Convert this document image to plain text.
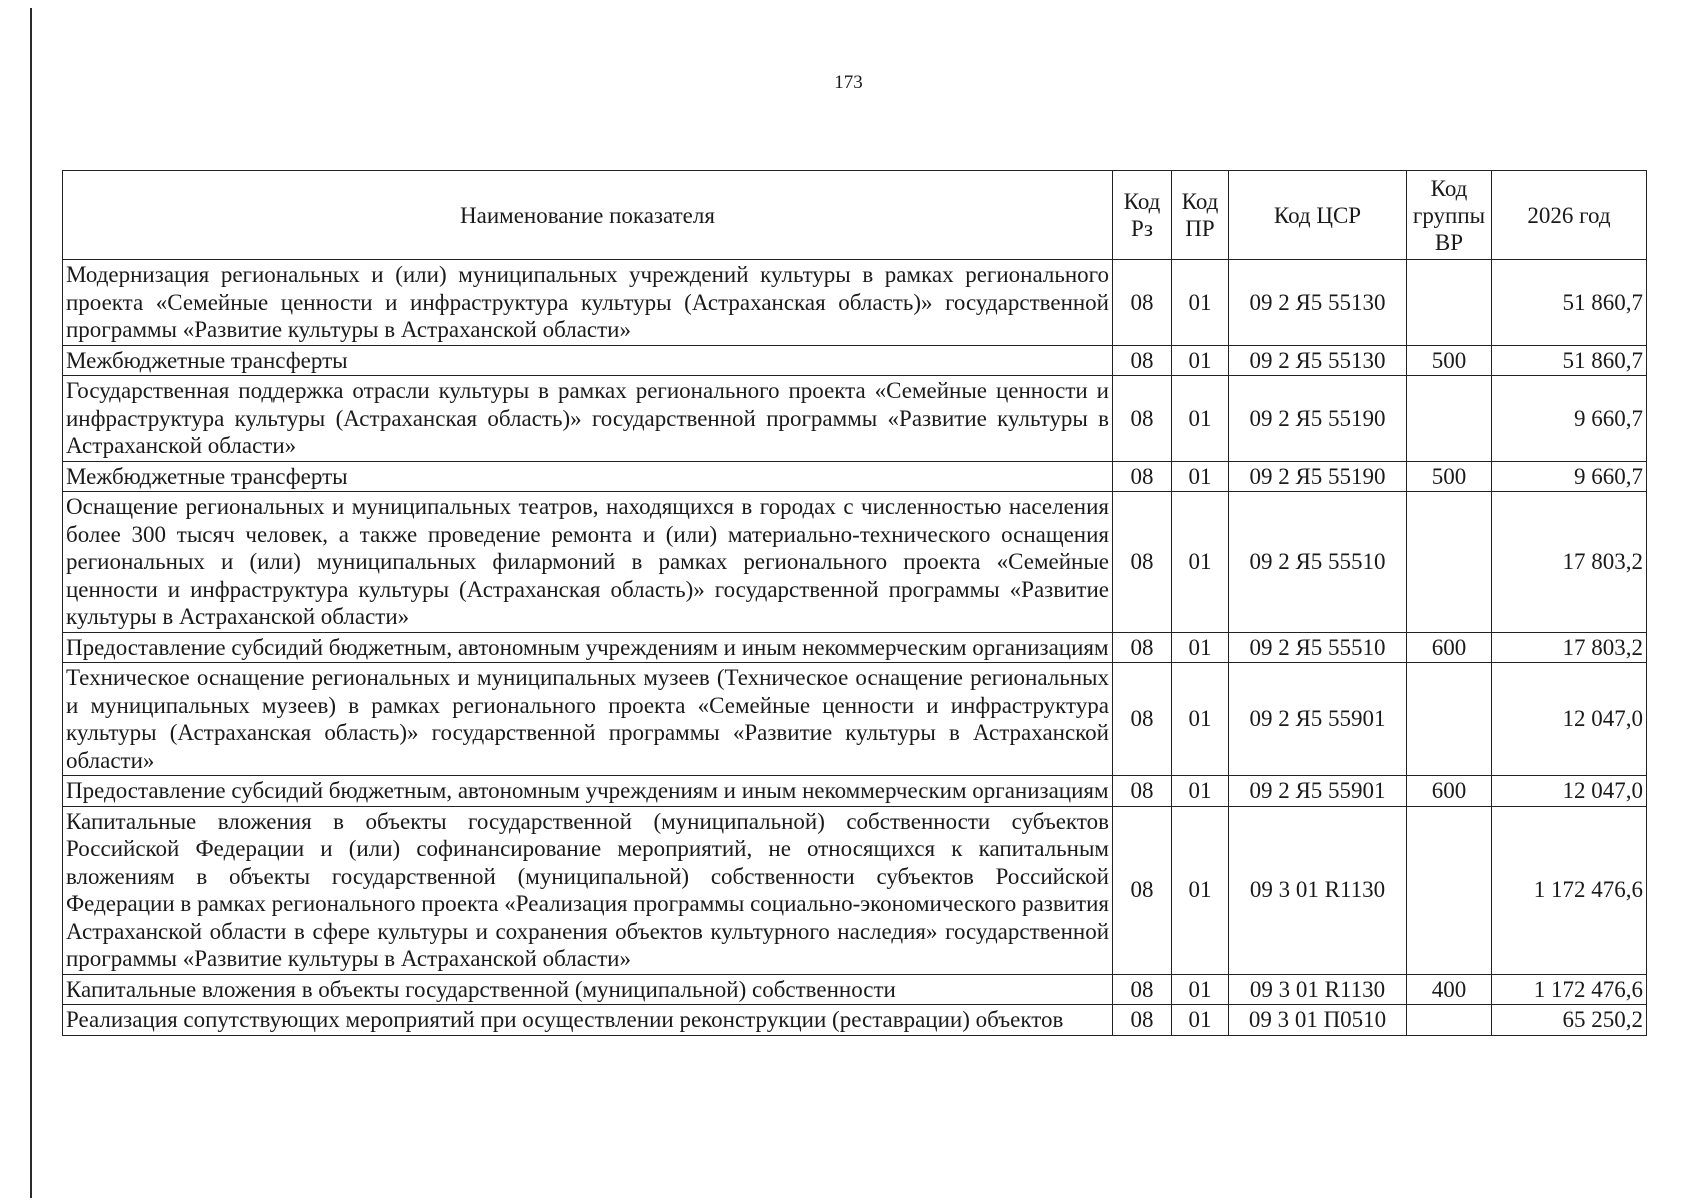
173
Наименование показателя	Код Рз	Код ПР	Код ЦСР	Код группы ВР	2026 год
Модернизация региональных и (или) муниципальных учреждений культуры в рамках регионального проекта «Семейные ценности и инфраструктура культуры (Астраханская область)» государственной программы «Развитие культуры в Астраханской области»	08	01	09 2 Я5 55130		51 860,7
Межбюджетные трансферты	08	01	09 2 Я5 55130	500	51 860,7
Государственная поддержка отрасли культуры в рамках регионального проекта «Семейные ценности и инфраструктура культуры (Астраханская область)» государственной программы «Развитие культуры в Астраханской области»	08	01	09 2 Я5 55190		9 660,7
Межбюджетные трансферты	08	01	09 2 Я5 55190	500	9 660,7
Оснащение региональных и муниципальных театров, находящихся в городах с численностью населения более 300 тысяч человек, а также проведение ремонта и (или) материально-технического оснащения региональных и (или) муниципальных филармоний в рамках регионального проекта «Семейные ценности и инфраструктура культуры (Астраханская область)» государственной программы «Развитие культуры в Астраханской области»	08	01	09 2 Я5 55510		17 803,2
Предоставление субсидий бюджетным, автономным учреждениям и иным некоммерческим организациям	08	01	09 2 Я5 55510	600	17 803,2
Техническое оснащение региональных и муниципальных музеев (Техническое оснащение региональных и муниципальных музеев) в рамках регионального проекта «Семейные ценности и инфраструктура культуры (Астраханская область)» государственной программы «Развитие культуры в Астраханской области»	08	01	09 2 Я5 55901		12 047,0
Предоставление субсидий бюджетным, автономным учреждениям и иным некоммерческим организациям	08	01	09 2 Я5 55901	600	12 047,0
Капитальные вложения в объекты государственной (муниципальной) собственности субъектов Российской Федерации и (или) софинансирование мероприятий, не относящихся к капитальным вложениям в объекты государственной (муниципальной) собственности субъектов Российской Федерации в рамках регионального проекта «Реализация программы социально-экономического развития Астраханской области в сфере культуры и сохранения объектов культурного наследия» государственной программы «Развитие культуры в Астраханской области»	08	01	09 3 01 R1130		1 172 476,6
Капитальные вложения в объекты государственной (муниципальной) собственности	08	01	09 3 01 R1130	400	1 172 476,6
Реализация сопутствующих мероприятий при осуществлении реконструкции (реставрации) объектов	08	01	09 3 01 П0510		65 250,2
